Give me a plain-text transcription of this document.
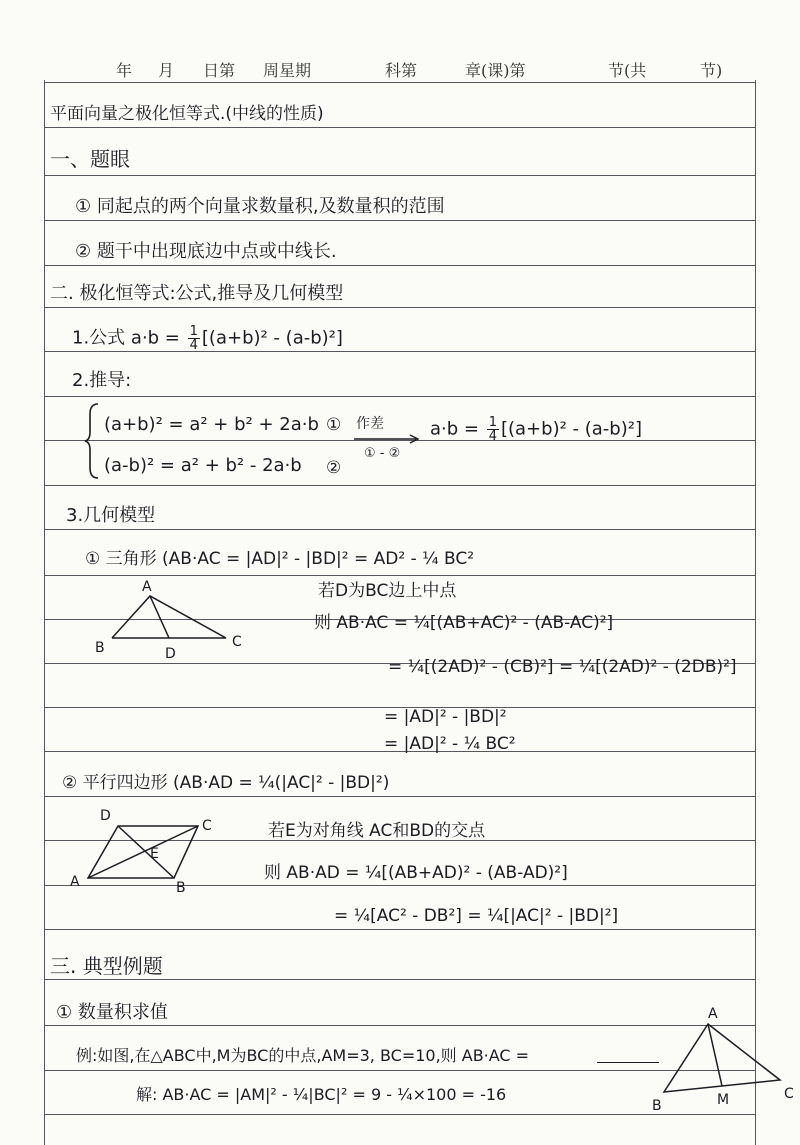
年 月 日第 周星期	科第	章(课)第	节(共	节)
平面向量之极化恒等式.(中线的性质)
一、题眼
① 同起点的两个向量求数量积,及数量积的范围
② 题干中出现底边中点或中线长.
二. 极化恒等式:公式,推导及几何模型
1.公式 $a\cdot b = \frac{1}{4} [(a+b)^2 - (a-b)^2]$
2.推导:
(a+b)² = a² + b² + 2a·b ①
(a-b)² = a² + b² - 2a·b ②
作差
① - ②
$a\cdot b = \frac{1}{4} [(a+b)^2 - (a-b)^2]$
3.几何模型
① 三角形 (AB·AC = |AD|² - |BD|² = AD² - ¼ BC²
A
B	C
D
若D为BC边上中点
则 AB·AC = ¼[(AB+AC)² - (AB-AC)²]
= ¼[(2AD)² - (CB)²] = ¼[(2AD)² - (2DB)²]
= |AD|² - |BD|²
= |AD|² - ¼ BC²
② 平行四边形 (AB·AD = ¼(|AC|² - |BD|²)
D
C
A	B
E
若E为对角线 AC和BD的交点
则 AB·AD = ¼[(AB+AD)² - (AB-AD)²]
= ¼[AC² - DB²] = ¼[|AC|² - |BD|²]
三. 典型例题
① 数量积求值
例:如图,在△ABC中,M为BC的中点,AM=3, BC=10,则 AB·AC =
解: AB·AC = |AM|² - ¼|BC|² = 9 - ¼×100 = -16
A
B
C
M
